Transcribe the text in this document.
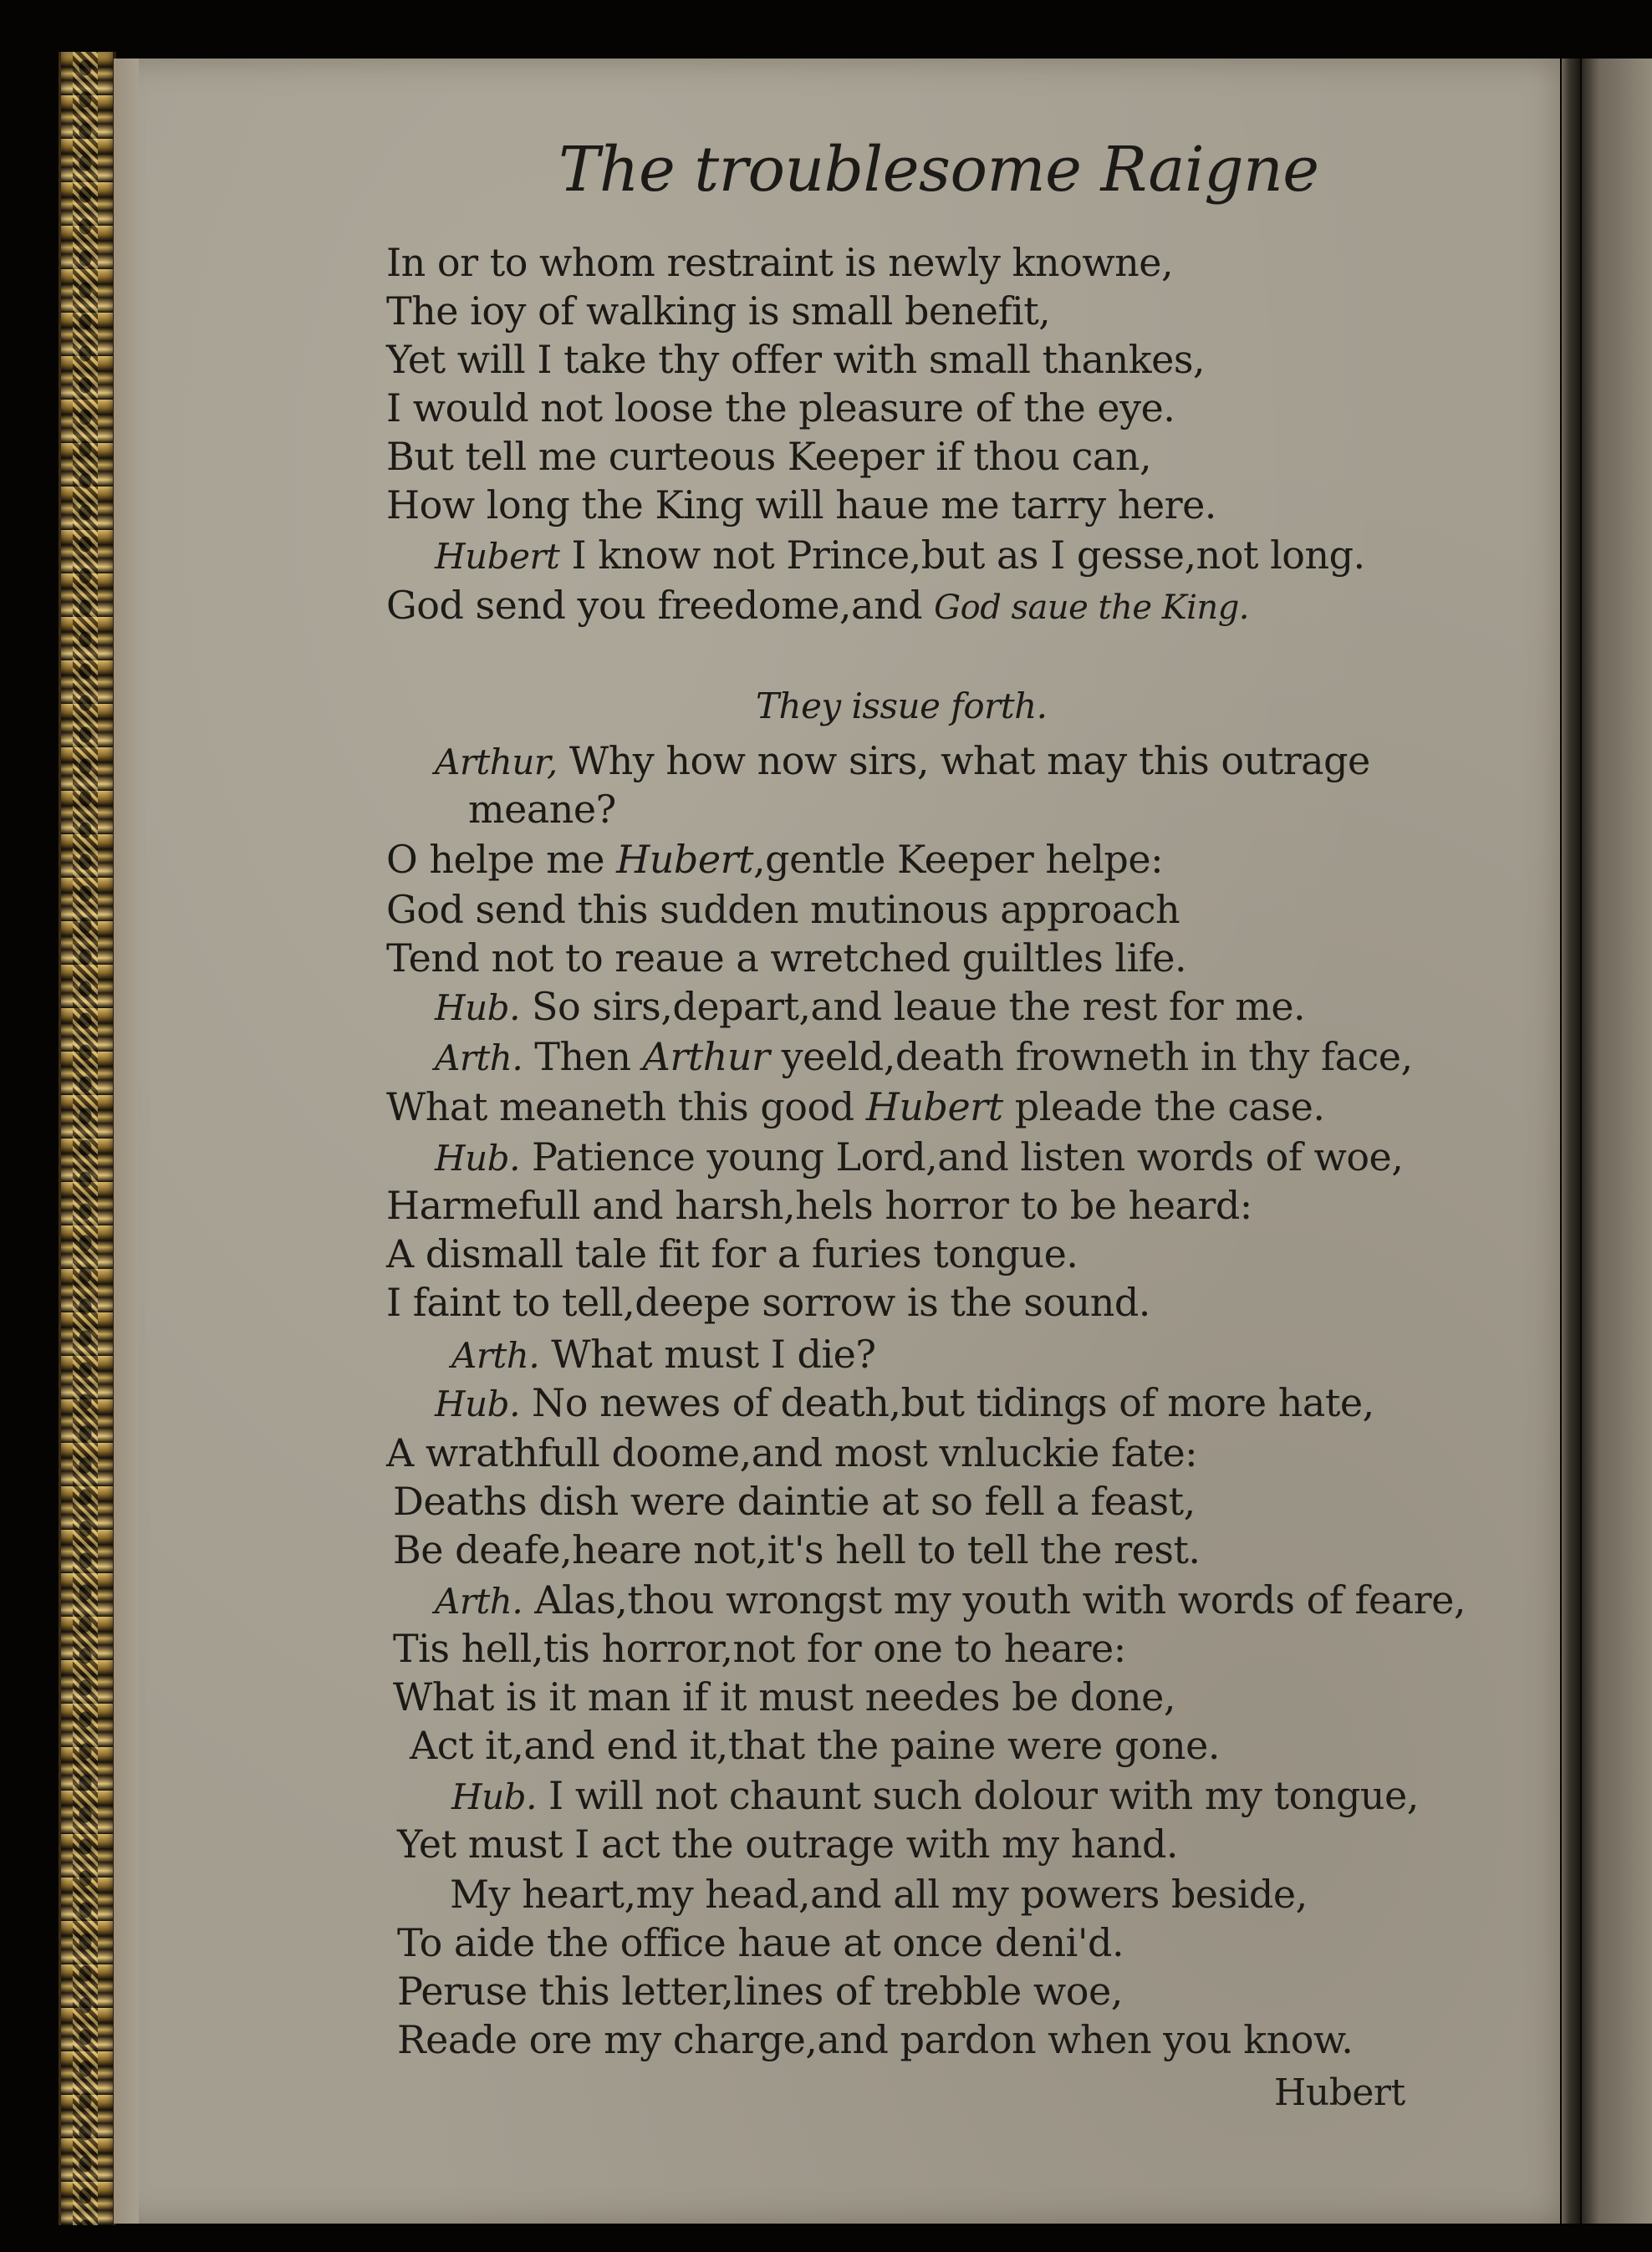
The troublesome Raigne
In or to whom restraint is newly knowne,
The ioy of walking is small benefit,
Yet will I take thy offer with small thankes,
I would not loose the pleasure of the eye.
But tell me curteous Keeper if thou can,
How long the King will haue me tarry here.
Hubert I know not Prince,but as I gesse,not long.
God send you freedome,and God saue the King.
They issue forth.
Arthur, Why how now sirs, what may this outrage
meane?
O helpe me Hubert,gentle Keeper helpe:
God send this sudden mutinous approach
Tend not to reaue a wretched guiltles life.
Hub. So sirs,depart,and leaue the rest for me.
Arth. Then Arthur yeeld,death frowneth in thy face,
What meaneth this good Hubert pleade the case.
Hub. Patience young Lord,and listen words of woe,
Harmefull and harsh,hels horror to be heard:
A dismall tale fit for a furies tongue.
I faint to tell,deepe sorrow is the sound.
Arth. What must I die?
Hub. No newes of death,but tidings of more hate,
A wrathfull doome,and most vnluckie fate:
Deaths dish were daintie at so fell a feast,
Be deafe,heare not,it's hell to tell the rest.
Arth. Alas,thou wrongst my youth with words of feare,
Tis hell,tis horror,not for one to heare:
What is it man if it must needes be done,
Act it,and end it,that the paine were gone.
Hub. I will not chaunt such dolour with my tongue,
Yet must I act the outrage with my hand.
My heart,my head,and all my powers beside,
To aide the office haue at once deni'd.
Peruse this letter,lines of trebble woe,
Reade ore my charge,and pardon when you know.
Hubert
